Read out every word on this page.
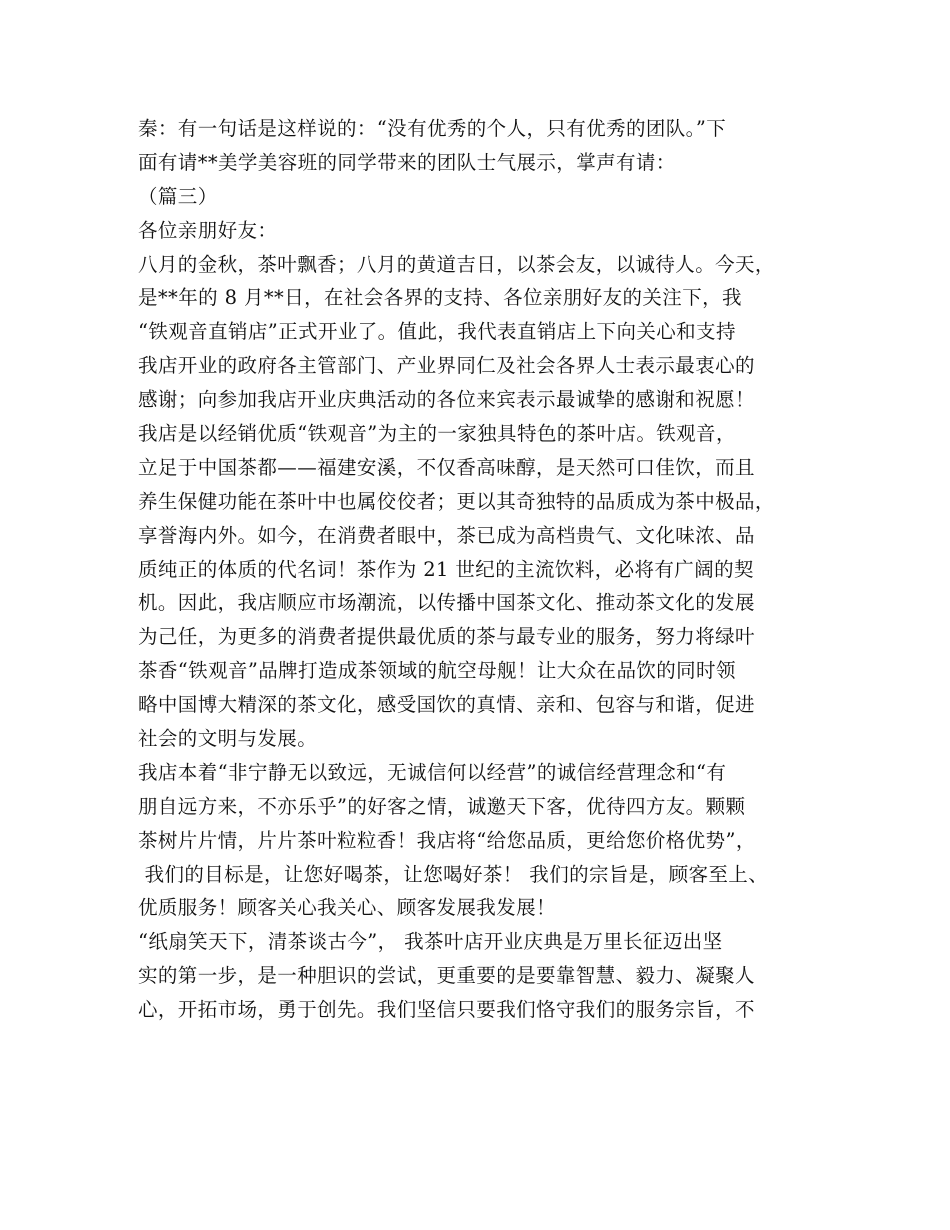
秦：有一句话是这样说的：“没有优秀的个人，只有优秀的团队。”下
面有请**美学美容班的同学带来的团队士气展示，掌声有请：
（篇三）
各位亲朋好友：
八月的金秋，茶叶飘香；八月的黄道吉日，以茶会友，以诚待人。今天，
是**年的 8 月**日，在社会各界的支持、各位亲朋好友的关注下，我
“铁观音直销店”正式开业了。值此，我代表直销店上下向关心和支持
我店开业的政府各主管部门、产业界同仁及社会各界人士表示最衷心的
感谢；向参加我店开业庆典活动的各位来宾表示最诚挚的感谢和祝愿！
我店是以经销优质“铁观音”为主的一家独具特色的茶叶店。铁观音，
立足于中国茶都——福建安溪，不仅香高味醇，是天然可口佳饮，而且
养生保健功能在茶叶中也属佼佼者；更以其奇独特的品质成为茶中极品，
享誉海内外。如今，在消费者眼中，茶已成为高档贵气、文化味浓、品
质纯正的体质的代名词！茶作为 21 世纪的主流饮料，必将有广阔的契
机。因此，我店顺应市场潮流，以传播中国茶文化、推动茶文化的发展
为己任，为更多的消费者提供最优质的茶与最专业的服务，努力将绿叶
茶香“铁观音”品牌打造成茶领域的航空母舰！让大众在品饮的同时领
略中国博大精深的茶文化，感受国饮的真情、亲和、包容与和谐，促进
社会的文明与发展。
我店本着“非宁静无以致远，无诚信何以经营”的诚信经营理念和“有
朋自远方来，不亦乐乎”的好客之情，诚邀天下客，优待四方友。颗颗
茶树片片情，片片茶叶粒粒香！我店将“给您品质，更给您价格优势”，
我们的目标是，让您好喝茶，让您喝好茶！ 我们的宗旨是，顾客至上、
优质服务！顾客关心我关心、顾客发展我发展！
“纸扇笑天下，清茶谈古今”， 我茶叶店开业庆典是万里长征迈出坚
实的第一步，是一种胆识的尝试，更重要的是要靠智慧、毅力、凝聚人
心，开拓市场，勇于创先。我们坚信只要我们恪守我们的服务宗旨，不
